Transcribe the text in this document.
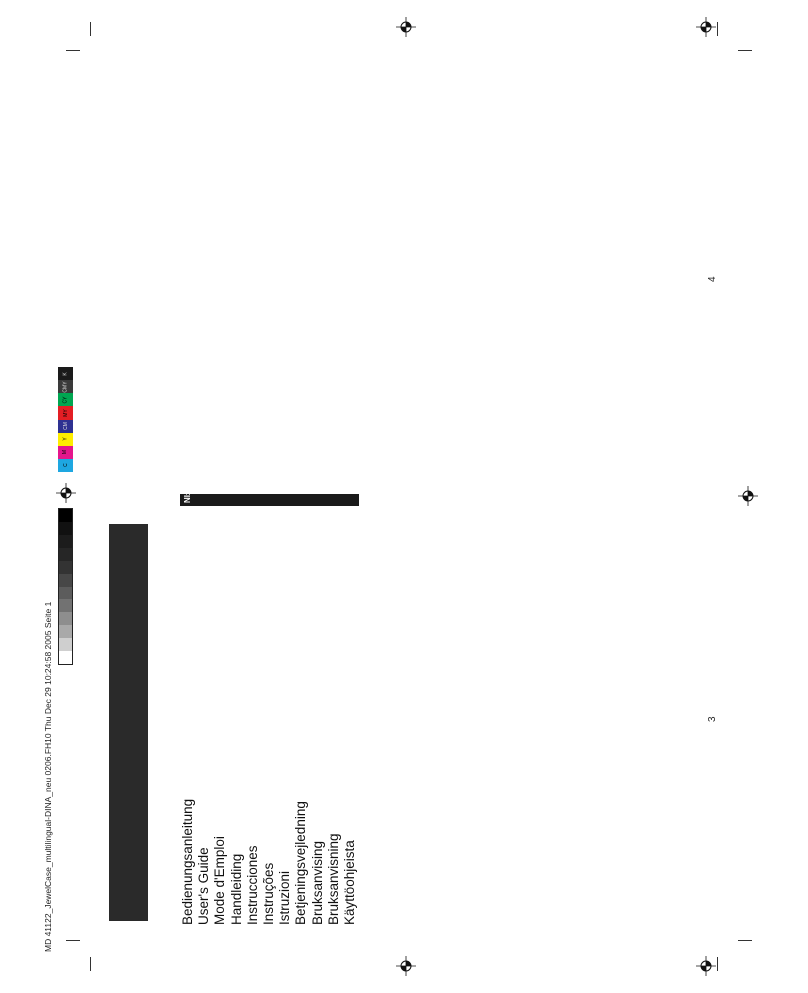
MD 41122_JewelCase_multilingual-DINA_neu 0206.FH10 Thu Dec 29 10:24:58 2005 Seite 1
K
CMY
CY
MY
CM
Y
M
C
D
GB
F
NL
E
P
I
DK
S
N
FIN
Bedienungsanleitung User's Guide Mode d'Emploi Handleiding Instrucciones Instruções Istruzioni Betjeningsvejledning Bruksanvising Bruksanvisning Käyttöohjeista
3
4
